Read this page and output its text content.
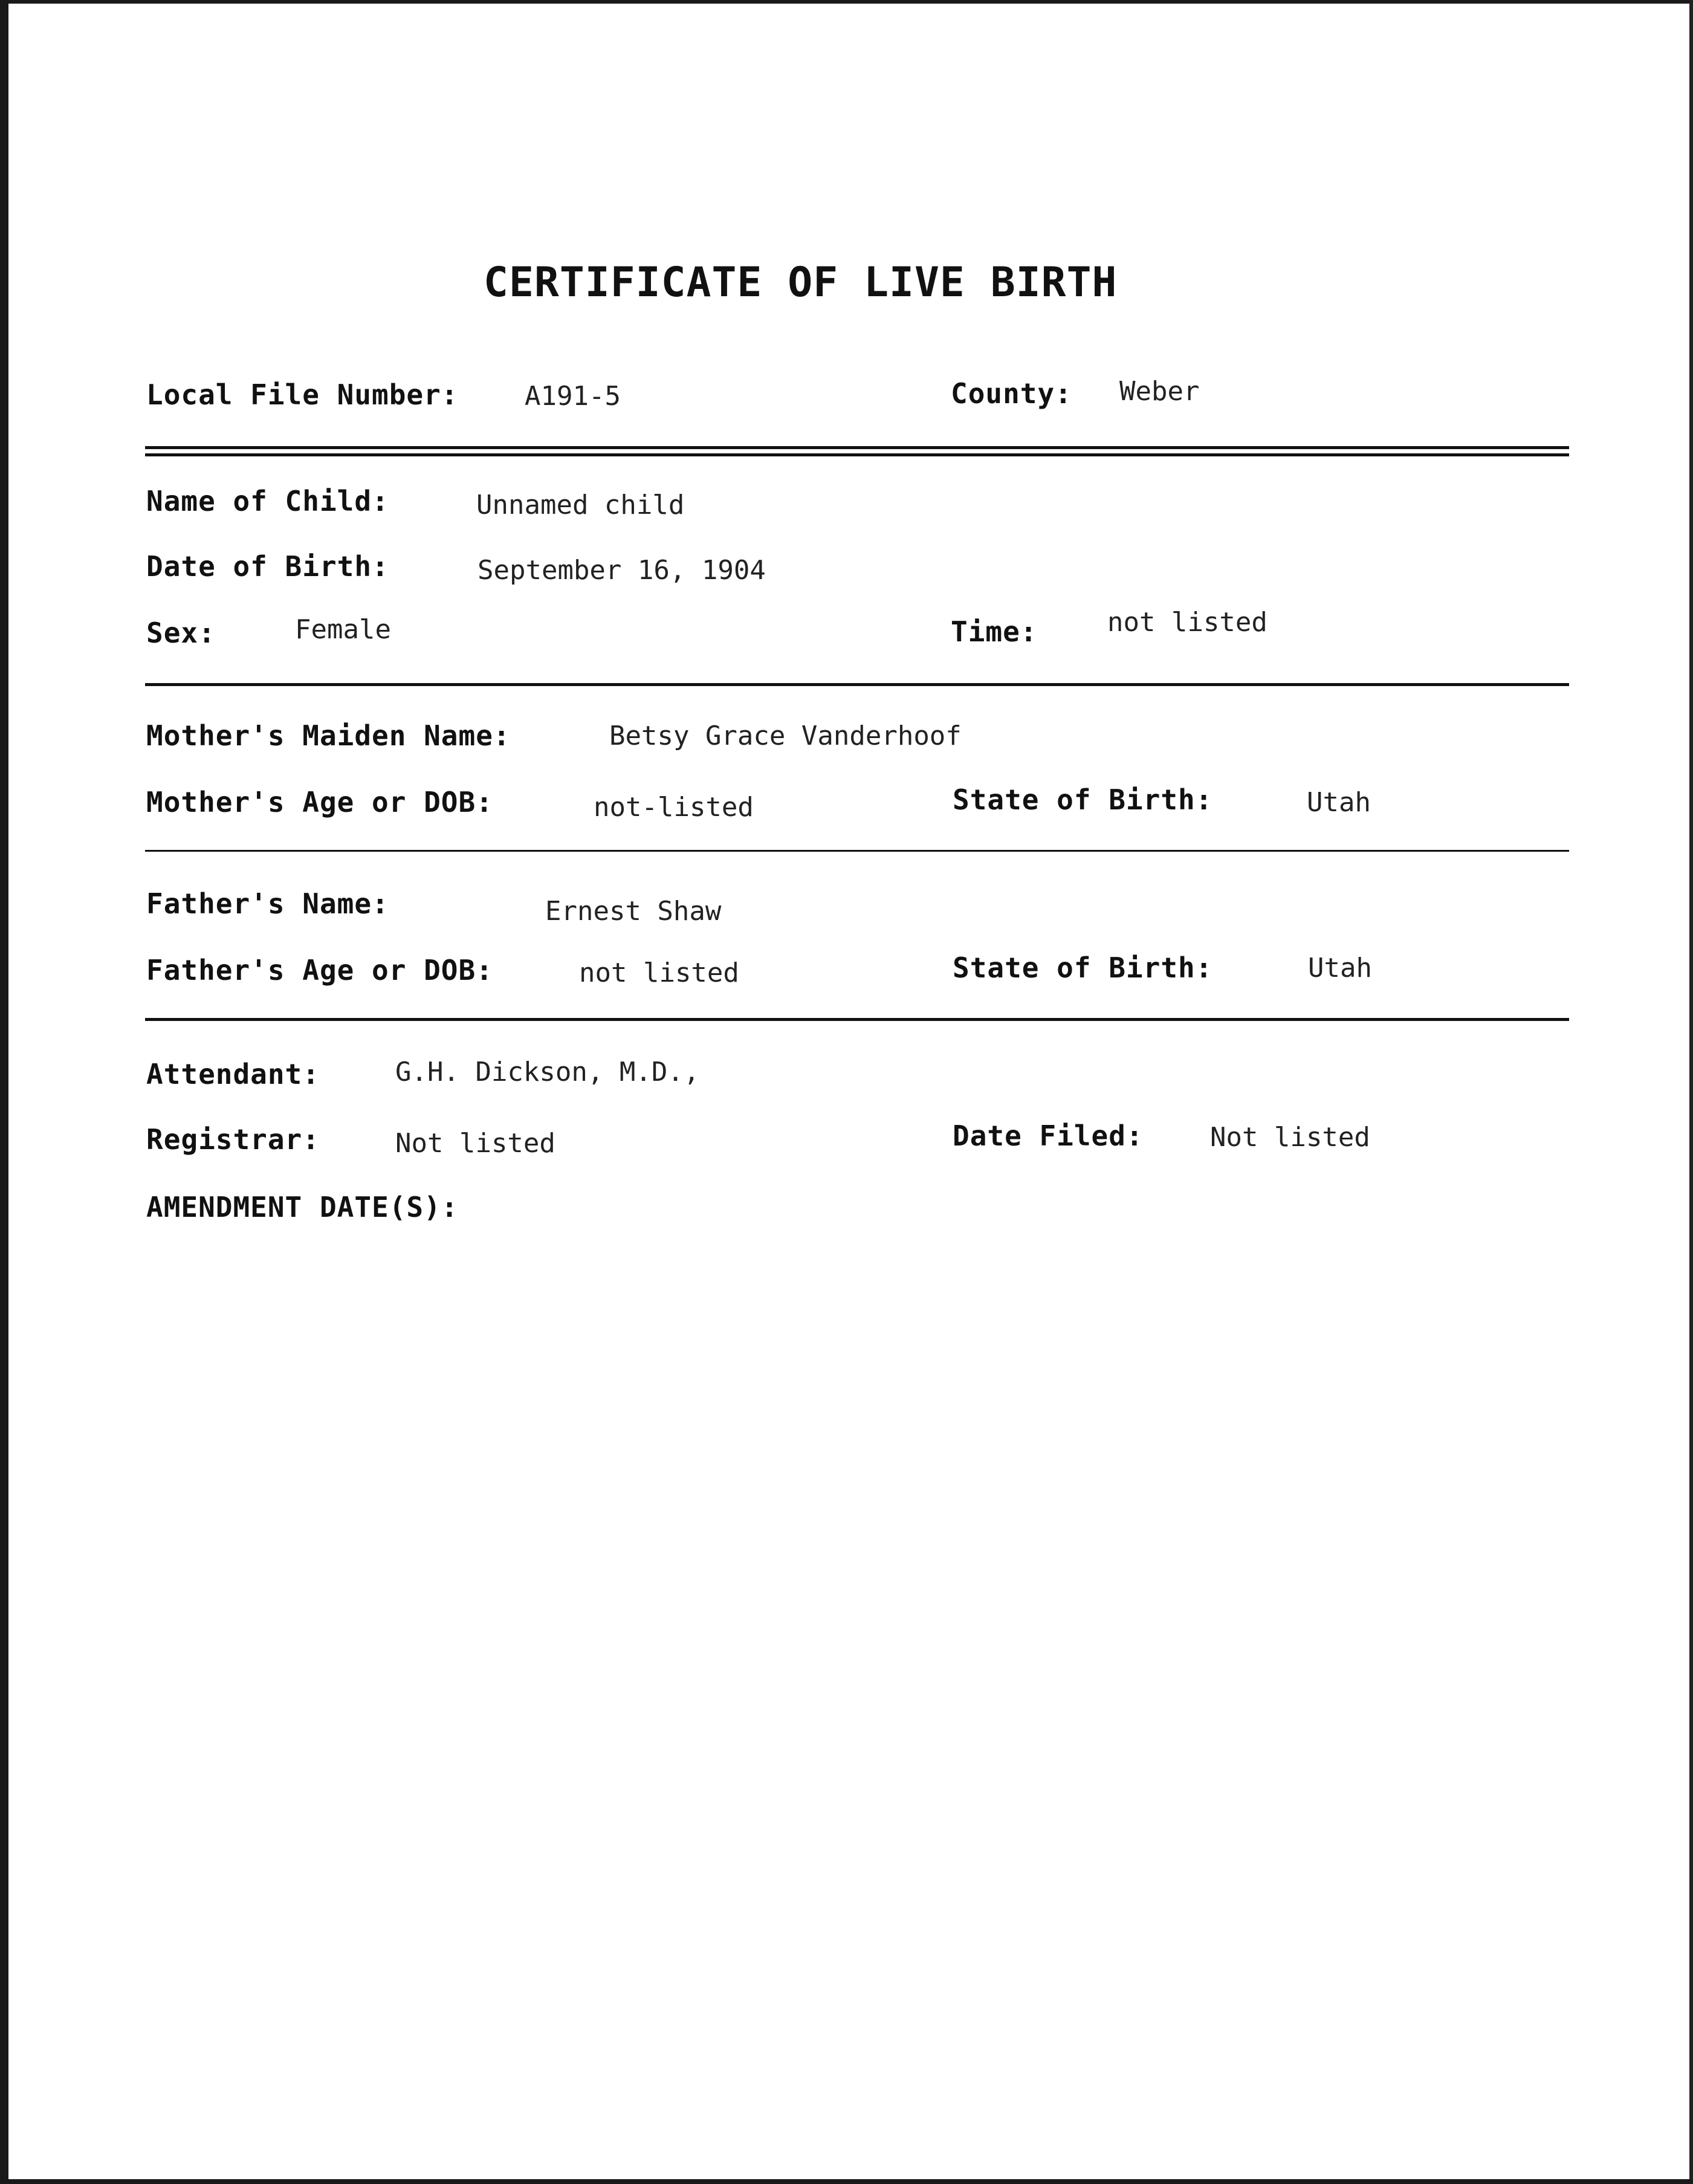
CERTIFICATE OF LIVE BIRTH
Local File Number: A191-5	County: Weber
Name of Child:	Unnamed child
Date of Birth:	September 16, 1904
Sex:	Female	Time:	not listed
Mother's Maiden Name:	Betsy Grace Vanderhoof
Mother's Age or DOB:	not-listed	State of Birth:	Utah
Father's Name:	Ernest Shaw
Father's Age or DOB:	not listed	State of Birth:	Utah
Attendant:	G.H. Dickson, M.D.,
Registrar:	Not listed	Date Filed:	Not listed
AMENDMENT DATE(S):
